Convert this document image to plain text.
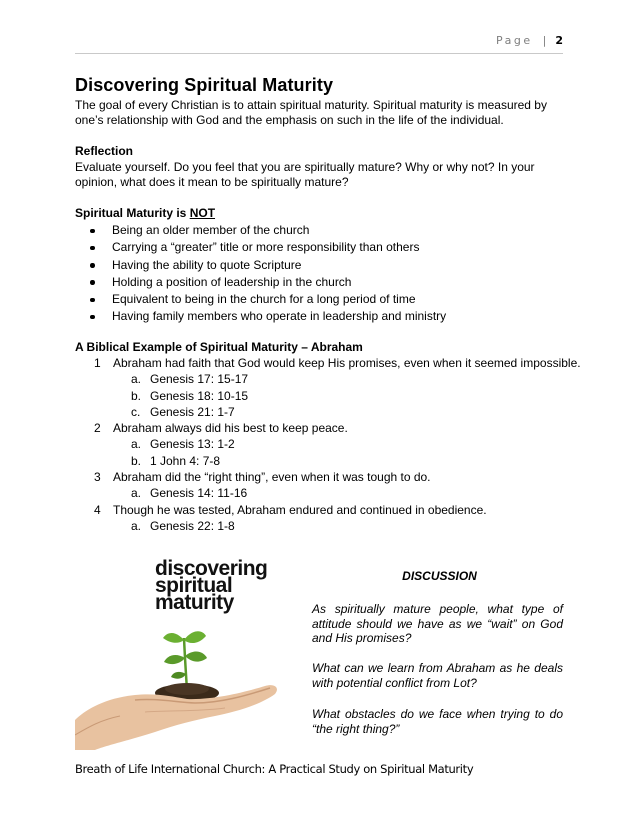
Page | 2
Discovering Spiritual Maturity

The goal of every Christian is to attain spiritual maturity. Spiritual maturity is measured by one’s relationship with God and the emphasis on such in the life of the individual.

Reflection

Evaluate yourself. Do you feel that you are spiritually mature? Why or why not? In your opinion, what does it mean to be spiritually mature?

Spiritual Maturity is NOT
Being an older member of the church
Carrying a “greater” title or more responsibility than others
Having the ability to quote Scripture
Holding a position of leadership in the church
Equivalent to being in the church for a long period of time
Having family members who operate in leadership and ministry
A Biblical Example of Spiritual Maturity – Abraham
1 Abraham had faith that God would keep His promises, even when it seemed impossible.
a. Genesis 17: 15-17
b. Genesis 18: 10-15
c. Genesis 21: 1-7
2 Abraham always did his best to keep peace.
a. Genesis 13: 1-2
b. 1 John 4: 7-8
3 Abraham did the “right thing”, even when it was tough to do.
a. Genesis 14: 11-16
4 Though he was tested, Abraham endured and continued in obedience.
a. Genesis 22: 1-8
discovering
spiritual
maturity

DISCUSSION

As spiritually mature people, what type of attitude should we have as we “wait” on God and His promises?

What can we learn from Abraham as he deals with potential conflict from Lot?

What obstacles do we face when trying to do “the right thing?”

Breath of Life International Church: A Practical Study on Spiritual Maturity
